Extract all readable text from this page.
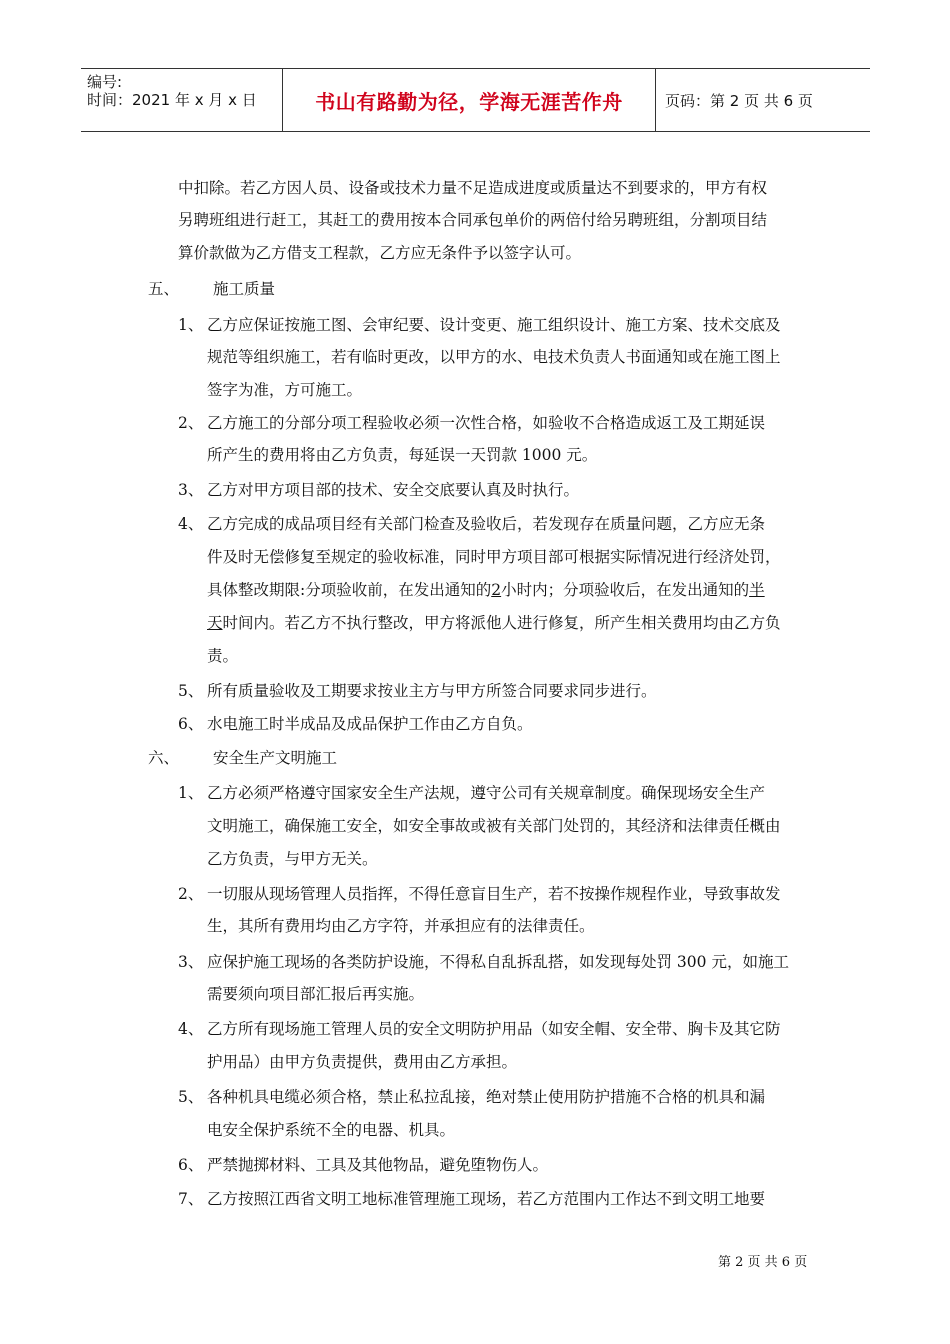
编号:
时间：2021 年 x 月 x 日	书山有路勤为径，学海无涯苦作舟	页码：第 2 页 共 6 页
中扣除。若乙方因人员、设备或技术力量不足造成进度或质量达不到要求的，甲方有权
另聘班组进行赶工，其赶工的费用按本合同承包单价的两倍付给另聘班组，分割项目结
算价款做为乙方借支工程款，乙方应无条件予以签字认可。
五、 施工质量
1、 乙方应保证按施工图、会审纪要、设计变更、施工组织设计、施工方案、技术交底及
规范等组织施工，若有临时更改，以甲方的水、电技术负责人书面通知或在施工图上
签字为准，方可施工。
2、 乙方施工的分部分项工程验收必须一次性合格，如验收不合格造成返工及工期延误
所产生的费用将由乙方负责，每延误一天罚款 1000 元。
3、 乙方对甲方项目部的技术、安全交底要认真及时执行。
4、 乙方完成的成品项目经有关部门检查及验收后，若发现存在质量问题，乙方应无条
件及时无偿修复至规定的验收标准，同时甲方项目部可根据实际情况进行经济处罚，
具体整改期限:分项验收前，在发出通知的2小时内；分项验收后，在发出通知的半
天时间内。若乙方不执行整改，甲方将派他人进行修复，所产生相关费用均由乙方负
责。
5、 所有质量验收及工期要求按业主方与甲方所签合同要求同步进行。
6、 水电施工时半成品及成品保护工作由乙方自负。
六、 安全生产文明施工
1、 乙方必须严格遵守国家安全生产法规，遵守公司有关规章制度。确保现场安全生产
文明施工，确保施工安全，如安全事故或被有关部门处罚的，其经济和法律责任概由
乙方负责，与甲方无关。
2、 一切服从现场管理人员指挥，不得任意盲目生产，若不按操作规程作业，导致事故发
生，其所有费用均由乙方字符，并承担应有的法律责任。
3、 应保护施工现场的各类防护设施，不得私自乱拆乱搭，如发现每处罚 300 元，如施工
需要须向项目部汇报后再实施。
4、 乙方所有现场施工管理人员的安全文明防护用品（如安全帽、安全带、胸卡及其它防
护用品）由甲方负责提供，费用由乙方承担。
5、 各种机具电缆必须合格，禁止私拉乱接，绝对禁止使用防护措施不合格的机具和漏
电安全保护系统不全的电器、机具。
6、 严禁抛掷材料、工具及其他物品，避免堕物伤人。
7、 乙方按照江西省文明工地标准管理施工现场，若乙方范围内工作达不到文明工地要
第 2 页 共 6 页
